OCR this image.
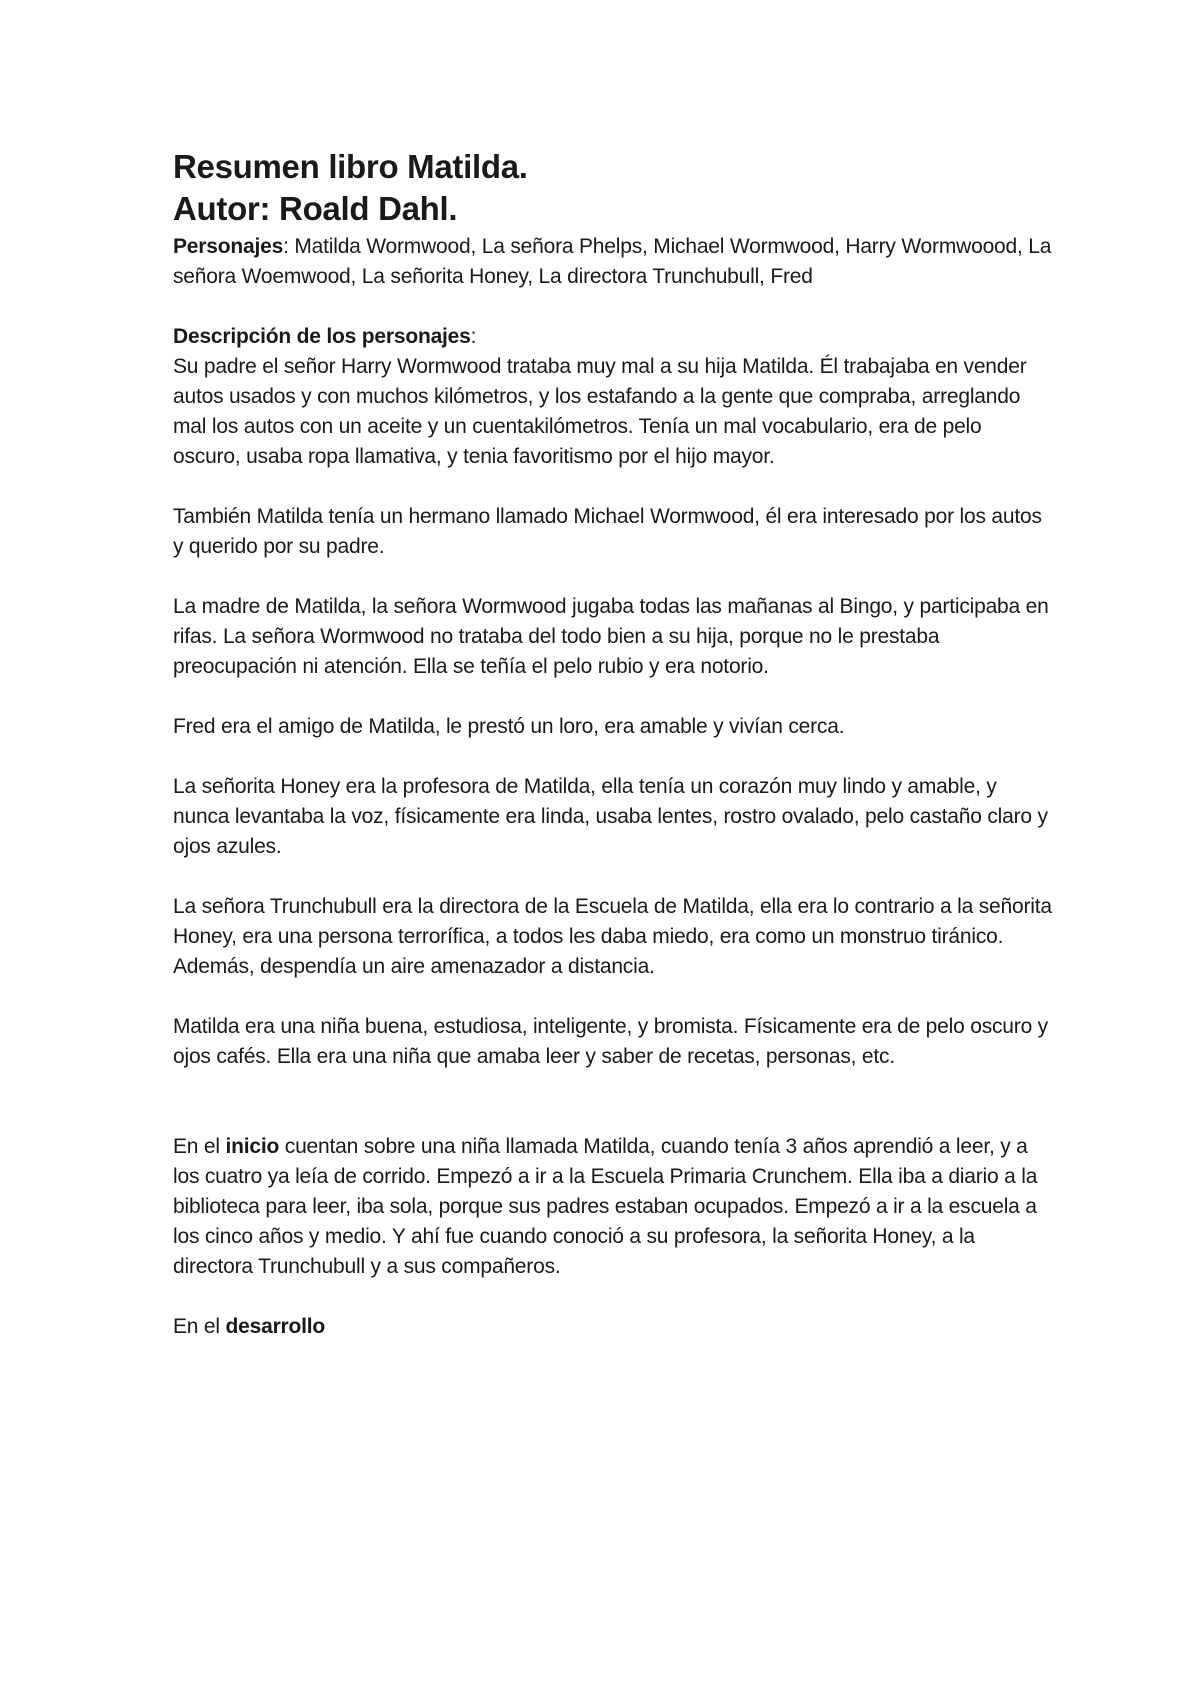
Resumen libro Matilda.

Autor: Roald Dahl.

Personajes: Matilda Wormwood, La señora Phelps, Michael Wormwood, Harry Wormwoood, La señora Woemwood, La señorita Honey, La directora Trunchubull, Fred

Descripción de los personajes:

Su padre el señor Harry Wormwood trataba muy mal a su hija Matilda. Él trabajaba en vender autos usados y con muchos kilómetros, y los estafando a la gente que compraba, arreglando mal los autos con un aceite y un cuentakilómetros. Tenía un mal vocabulario, era de pelo oscuro, usaba ropa llamativa, y tenia favoritismo por el hijo mayor.

También Matilda tenía un hermano llamado Michael Wormwood, él era interesado por los autos y querido por su padre.

La madre de Matilda, la señora Wormwood jugaba todas las mañanas al Bingo, y participaba en rifas. La señora Wormwood no trataba del todo bien a su hija, porque no le prestaba preocupación ni atención. Ella se teñía el pelo rubio y era notorio.

Fred era el amigo de Matilda, le prestó un loro, era amable y vivían cerca.

La señorita Honey era la profesora de Matilda, ella tenía un corazón muy lindo y amable, y nunca levantaba la voz, físicamente era linda, usaba lentes, rostro ovalado, pelo castaño claro y ojos azules.

La señora Trunchubull era la directora de la Escuela de Matilda, ella era lo contrario a la señorita Honey, era una persona terrorífica, a todos les daba miedo, era como un monstruo tiránico. Además, despendía un aire amenazador a distancia.

Matilda era una niña buena, estudiosa, inteligente, y bromista. Físicamente era de pelo oscuro y ojos cafés. Ella era una niña que amaba leer y saber de recetas, personas, etc.

En el inicio cuentan sobre una niña llamada Matilda, cuando tenía 3 años aprendió a leer, y a los cuatro ya leía de corrido. Empezó a ir a la Escuela Primaria Crunchem. Ella iba a diario a la biblioteca para leer, iba sola, porque sus padres estaban ocupados. Empezó a ir a la escuela a los cinco años y medio. Y ahí fue cuando conoció a su profesora, la señorita Honey, a la directora Trunchubull y a sus compañeros.

En el desarrollo
